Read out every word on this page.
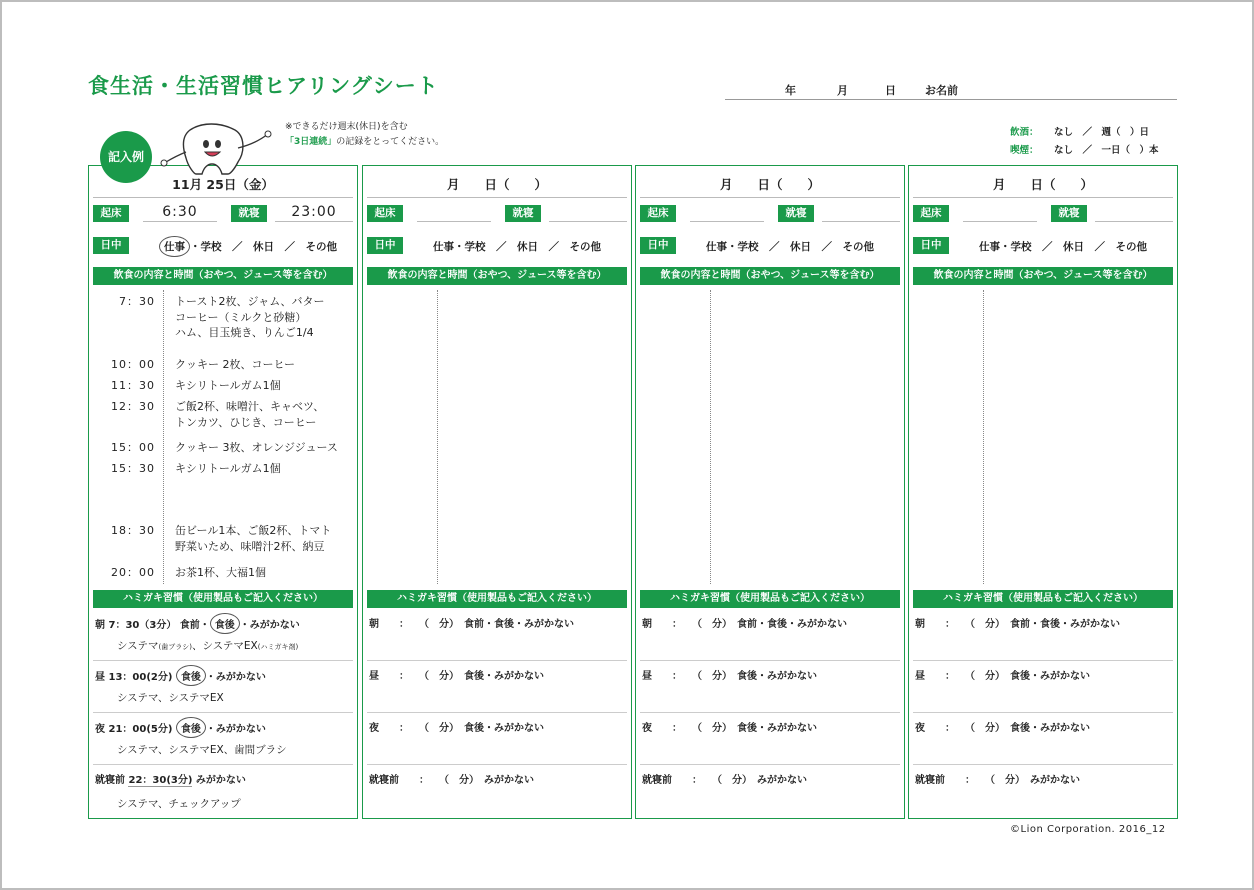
食生活・生活習慣ヒアリングシート	年	月	日	お名前
飲酒： なし　／　週（　）日
喫煙： なし　／　一日（　）本
記入例
※できるだけ週末(休日)を含む
「3日連続」の記録をとってください。
11月 25日（金）
起床	6:30	就寝	23:00
日中	仕事 ・学校　／　休日　／　その他
飲食の内容と時間（おやつ、ジュース等を含む）
7：30 トースト2枚、ジャム、バター
コーヒー（ミルクと砂糖）
ハム、目玉焼き、りんご1/4
10：00 クッキー 2枚、コーヒー
11：30 キシリトールガム1個
12：30 ご飯2杯、味噌汁、キャベツ、
トンカツ、ひじき、コーヒー
15：00 クッキー 3枚、オレンジジュース
15：30 キシリトールガム1個
18：30 缶ビール1本、ご飯2杯、トマト
野菜いため、味噌汁2杯、納豆
20：00 お茶1杯、大福1個
ハミガキ習慣（使用製品もご記入ください）
朝 7：30（3分） 食前・ 食後 ・みがかない
システマ(歯ブラシ)、システマEX(ハミガキ剤)
昼 13：00(2分) 食後 ・みがかない
システマ、システマEX
夜 21：00(5分) 食後 ・みがかない
システマ、システマEX、歯間ブラシ
就寝前 22：30(3分) みがかない
システマ、チェックアップ
月　　日（　　）
起床	就寝
日中	仕事・学校　／　休日　／　その他
飲食の内容と時間（おやつ、ジュース等を含む）
ハミガキ習慣（使用製品もご記入ください）
朝　　：　　（　分）　食前・食後・みがかない
昼　　：　　（　分）　食後・みがかない
夜　　：　　（　分）　食後・みがかない
就寝前　　：　　（　分）　みがかない
月　　日（　　）
起床	就寝
日中	仕事・学校　／　休日　／　その他
飲食の内容と時間（おやつ、ジュース等を含む）
ハミガキ習慣（使用製品もご記入ください）
朝　　：　　（　分）　食前・食後・みがかない
昼　　：　　（　分）　食後・みがかない
夜　　：　　（　分）　食後・みがかない
就寝前　　：　　（　分）　みがかない
月　　日（　　）
起床	就寝
日中	仕事・学校　／　休日　／　その他
飲食の内容と時間（おやつ、ジュース等を含む）
ハミガキ習慣（使用製品もご記入ください）
朝　　：　　（　分）　食前・食後・みがかない
昼　　：　　（　分）　食後・みがかない
夜　　：　　（　分）　食後・みがかない
就寝前　　：　　（　分）　みがかない
©Lion Corporation. 2016_12
